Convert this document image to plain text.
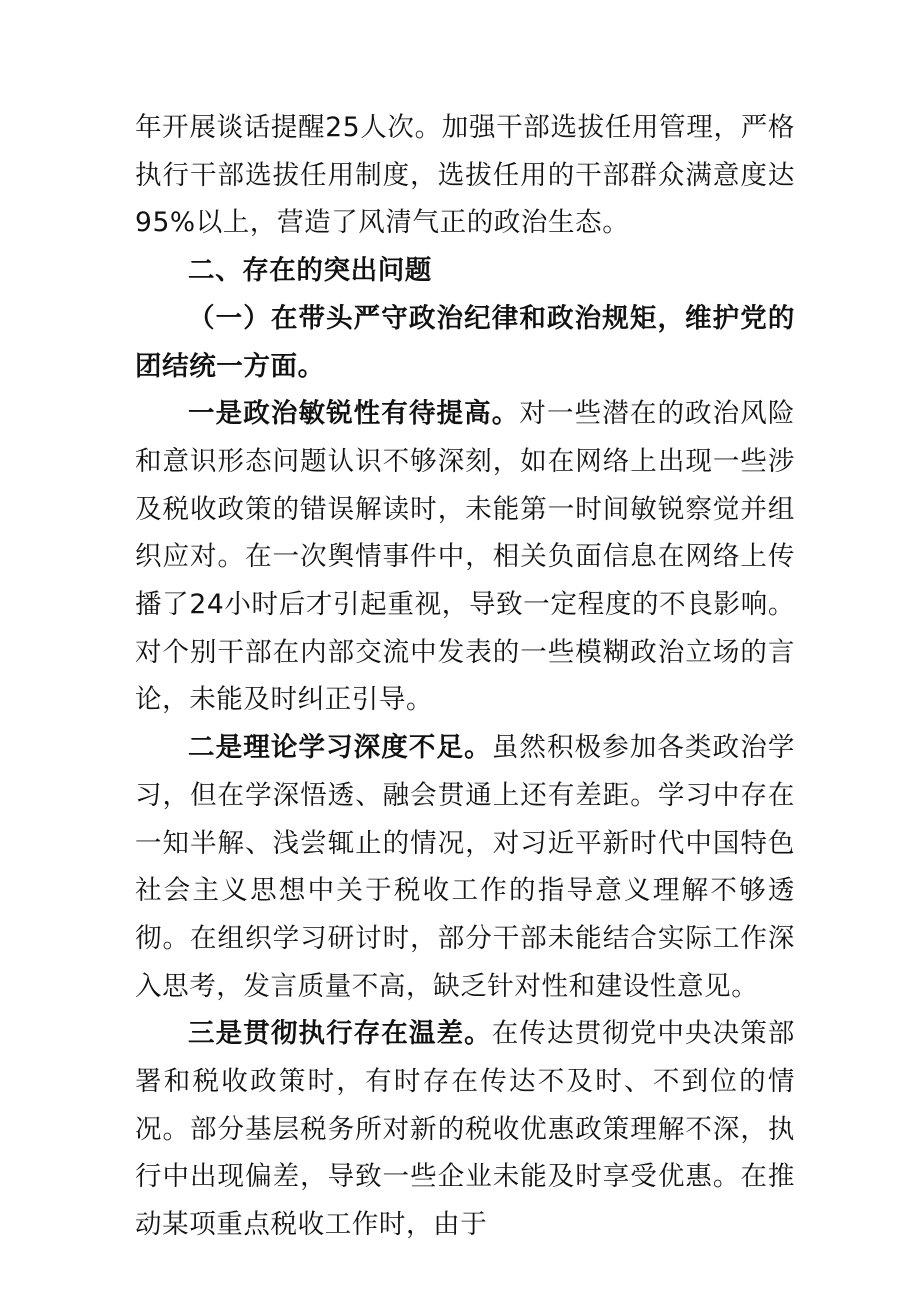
年开展谈话提醒25人次。加强干部选拔任用管理，严格执行干部选拔任用制度，选拔任用的干部群众满意度达95%以上，营造了风清气正的政治生态。

二、存在的突出问题

（一）在带头严守政治纪律和政治规矩，维护党的团结统一方面。

一是政治敏锐性有待提高。对一些潜在的政治风险和意识形态问题认识不够深刻，如在网络上出现一些涉及税收政策的错误解读时，未能第一时间敏锐察觉并组织应对。在一次舆情事件中，相关负面信息在网络上传播了24小时后才引起重视，导致一定程度的不良影响。对个别干部在内部交流中发表的一些模糊政治立场的言论，未能及时纠正引导。

二是理论学习深度不足。虽然积极参加各类政治学习，但在学深悟透、融会贯通上还有差距。学习中存在一知半解、浅尝辄止的情况，对习近平新时代中国特色社会主义思想中关于税收工作的指导意义理解不够透彻。在组织学习研讨时，部分干部未能结合实际工作深入思考，发言质量不高，缺乏针对性和建设性意见。

三是贯彻执行存在温差。在传达贯彻党中央决策部署和税收政策时，有时存在传达不及时、不到位的情况。部分基层税务所对新的税收优惠政策理解不深，执行中出现偏差，导致一些企业未能及时享受优惠。在推动某项重点税收工作时，由于
